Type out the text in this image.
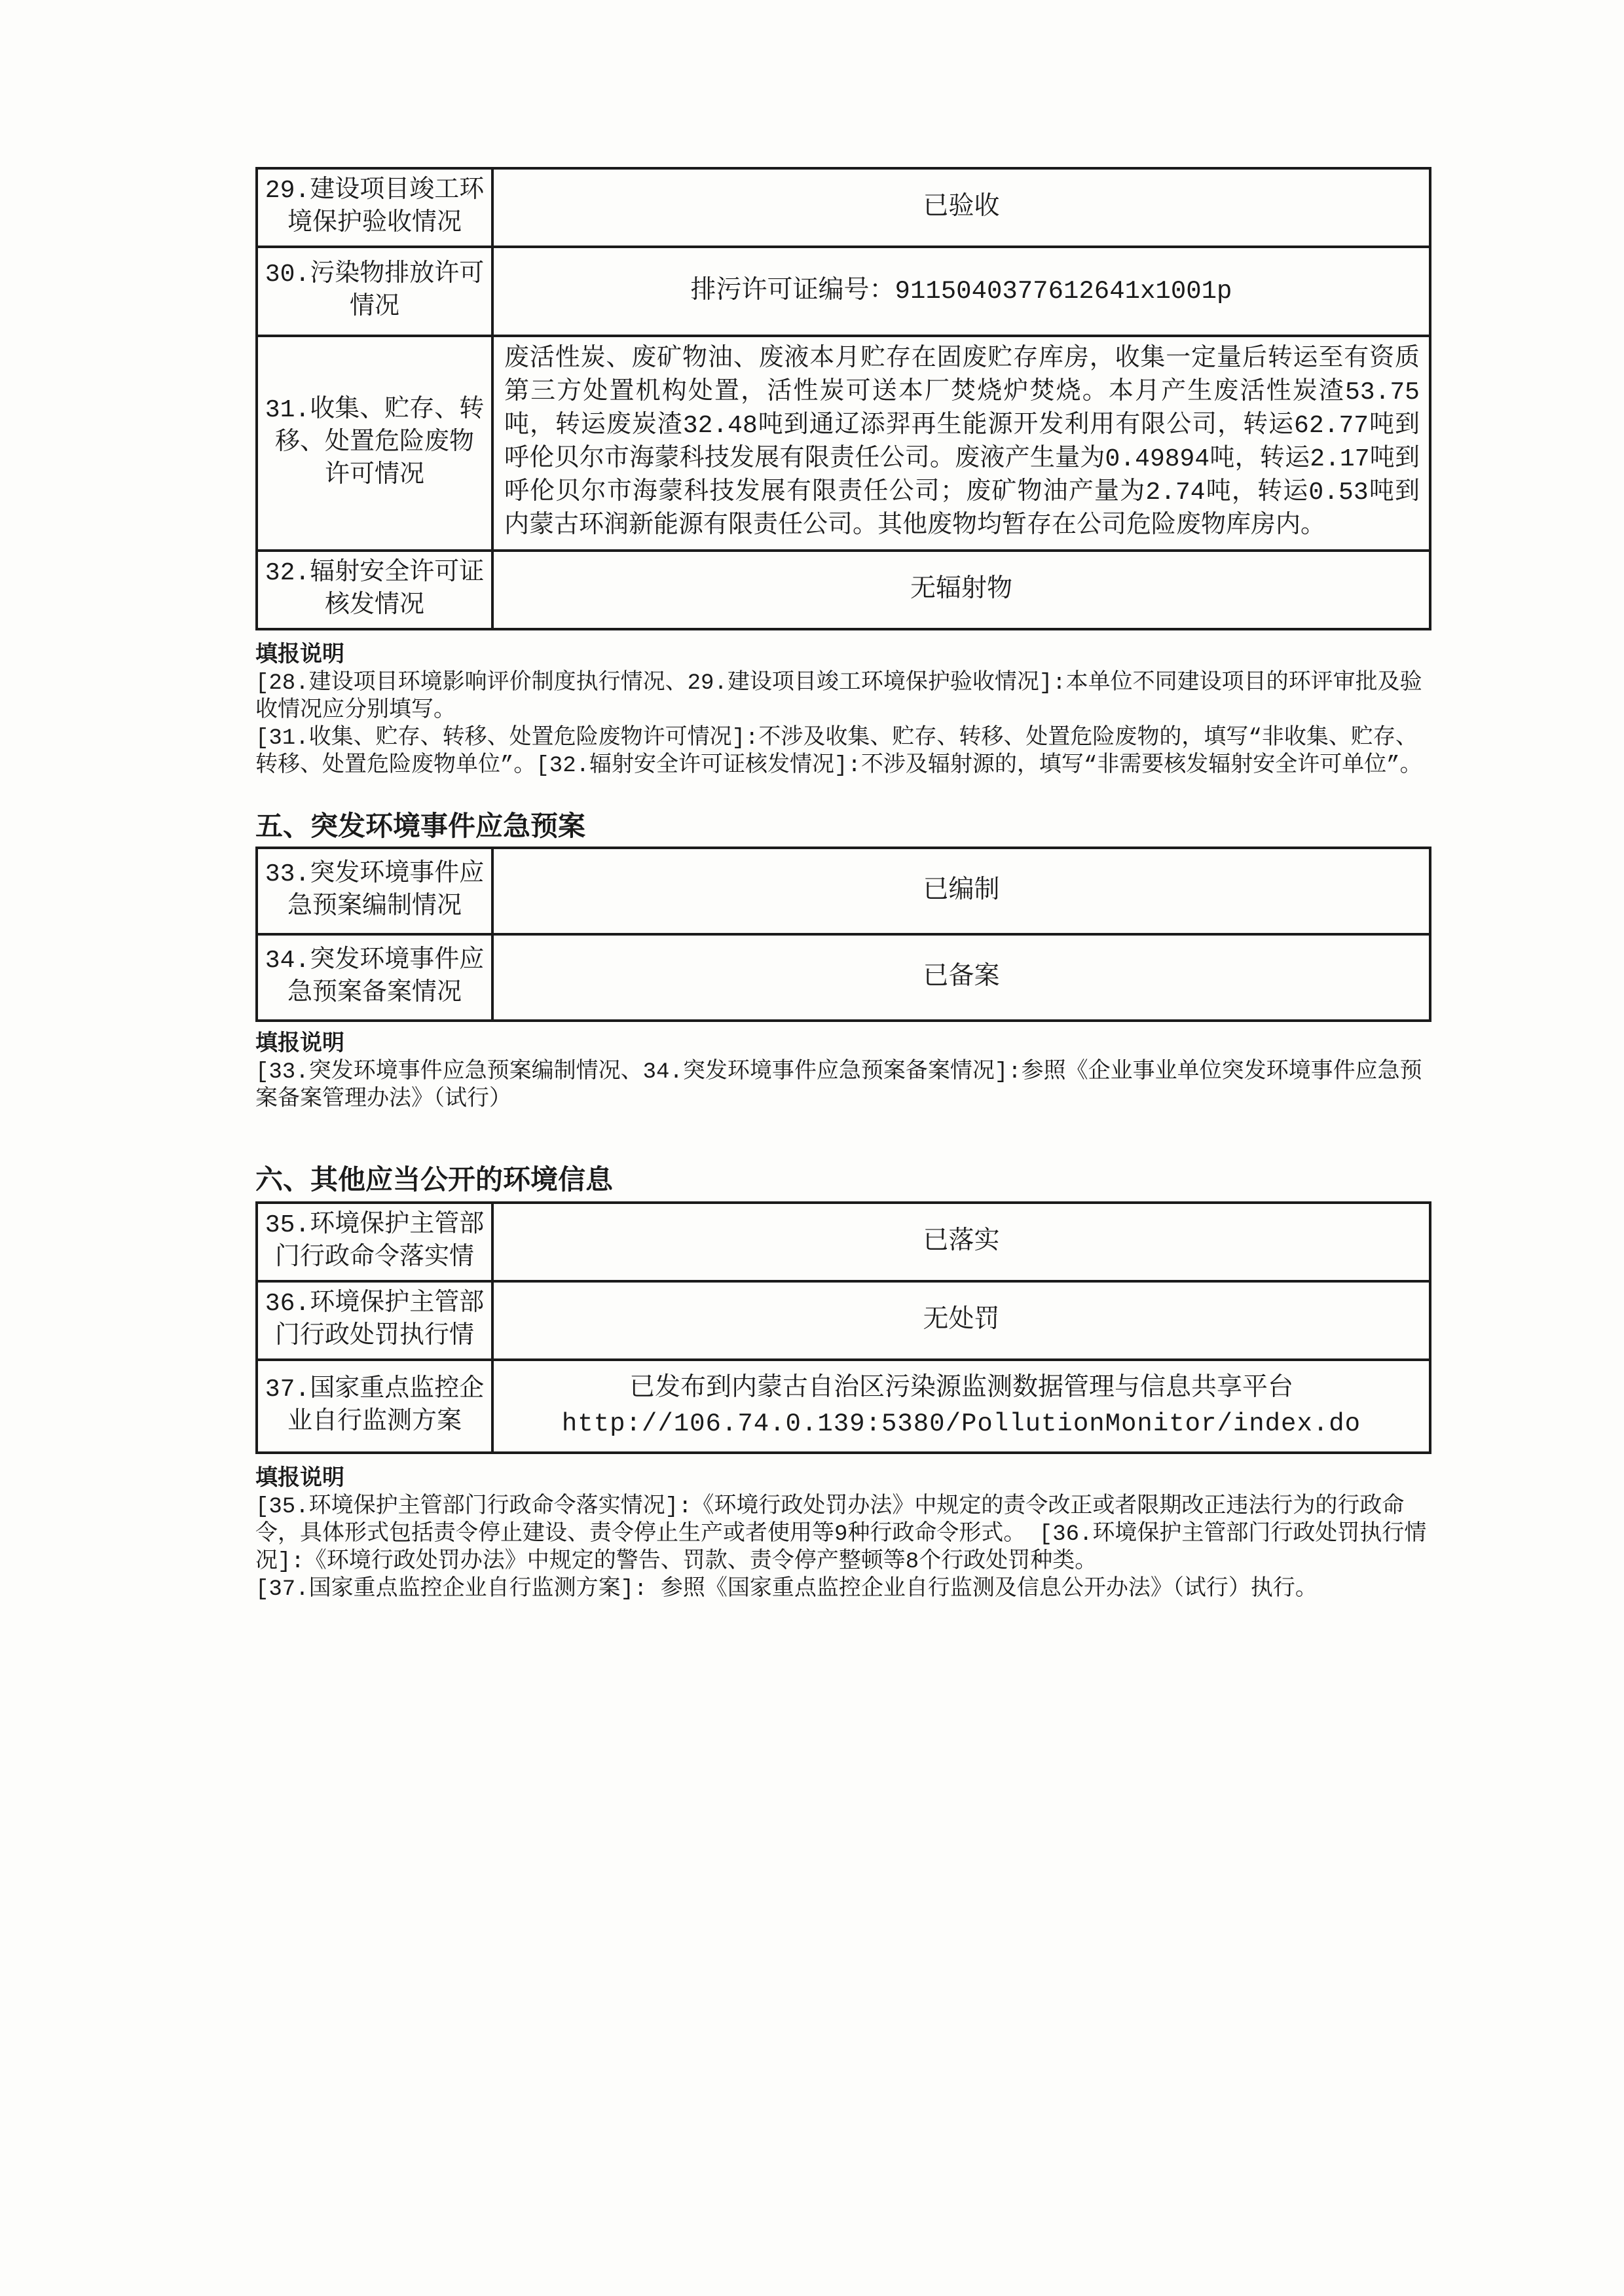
29.建设项目竣工环境保护验收情况	已验收
30.污染物排放许可情况	排污许可证编号：9115040377612641x1001p
31.收集、贮存、转移、处置危险废物许可情况	废活性炭、废矿物油、废液本月贮存在固废贮存库房，收集一定量后转运至有资质第三方处置机构处置，活性炭可送本厂焚烧炉焚烧。本月产生废活性炭渣53.75吨，转运废炭渣32.48吨到通辽添羿再生能源开发利用有限公司，转运62.77吨到呼伦贝尔市海蒙科技发展有限责任公司。废液产生量为0.49894吨，转运2.17吨到呼伦贝尔市海蒙科技发展有限责任公司；废矿物油产量为2.74吨，转运0.53吨到内蒙古环润新能源有限责任公司。其他废物均暂存在公司危险废物库房内。
32.辐射安全许可证核发情况	无辐射物

填报说明

[28.建设项目环境影响评价制度执行情况、29.建设项目竣工环境保护验收情况]:本单位不同建设项目的环评审批及验收情况应分别填写。

[31.收集、贮存、转移、处置危险废物许可情况]:不涉及收集、贮存、转移、处置危险废物的，填写“非收集、贮存、转移、处置危险废物单位”。[32.辐射安全许可证核发情况]:不涉及辐射源的，填写“非需要核发辐射安全许可单位”。

五、突发环境事件应急预案

33.突发环境事件应急预案编制情况	已编制
34.突发环境事件应急预案备案情况	已备案

填报说明

[33.突发环境事件应急预案编制情况、34.突发环境事件应急预案备案情况]:参照《企业事业单位突发环境事件应急预案备案管理办法》（试行）

六、其他应当公开的环境信息

35.环境保护主管部门行政命令落实情	已落实
36.环境保护主管部门行政处罚执行情	无处罚
37.国家重点监控企业自行监测方案	已发布到内蒙古自治区污染源监测数据管理与信息共享平台
http://106.74.0.139:5380/PollutionMonitor/index.do

填报说明

[35.环境保护主管部门行政命令落实情况]:《环境行政处罚办法》中规定的责令改正或者限期改正违法行为的行政命令，具体形式包括责令停止建设、责令停止生产或者使用等9种行政命令形式。 [36.环境保护主管部门行政处罚执行情况]:《环境行政处罚办法》中规定的警告、罚款、责令停产整顿等8个行政处罚种类。

[37.国家重点监控企业自行监测方案]: 参照《国家重点监控企业自行监测及信息公开办法》（试行）执行。
